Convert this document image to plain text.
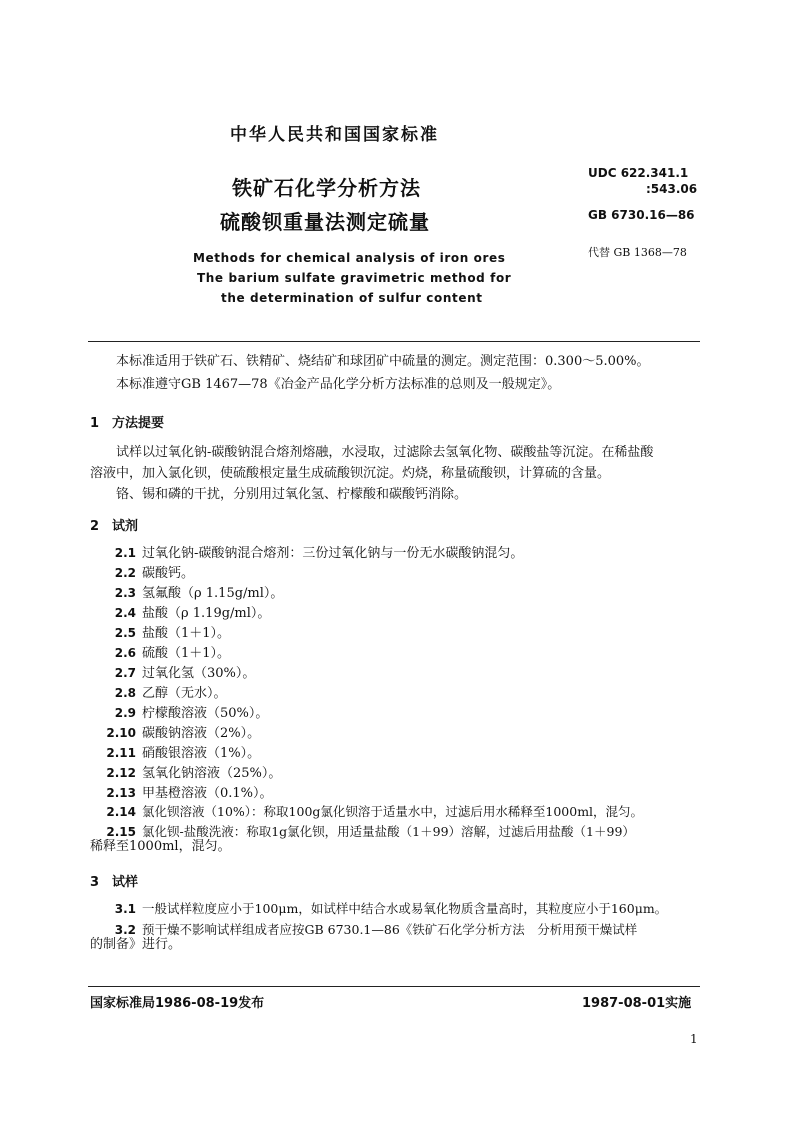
中华人民共和国国家标准
铁矿石化学分析方法
硫酸钡重量法测定硫量
UDC 622.341.1
:543.06
GB 6730.16—86
代替 GB 1368—78
Methods for chemical analysis of iron ores
The barium sulfate gravimetric method for
the determination of sulfur content
本标准适用于铁矿石、铁精矿、烧结矿和球团矿中硫量的测定。测定范围：0.300～5.00%。
本标准遵守GB 1467—78《冶金产品化学分析方法标准的总则及一般规定》。
1 方法提要
试样以过氧化钠-碳酸钠混合熔剂熔融，水浸取，过滤除去氢氧化物、碳酸盐等沉淀。在稀盐酸
溶液中，加入氯化钡，使硫酸根定量生成硫酸钡沉淀。灼烧，称量硫酸钡，计算硫的含量。
铬、锡和磷的干扰，分别用过氧化氢、柠檬酸和碳酸钙消除。
2 试剂
2.1 过氧化钠-碳酸钠混合熔剂：三份过氧化钠与一份无水碳酸钠混匀。
2.2 碳酸钙。
2.3 氢氟酸（ρ 1.15g/ml）。
2.4 盐酸（ρ 1.19g/ml）。
2.5 盐酸（1＋1）。
2.6 硫酸（1＋1）。
2.7 过氧化氢（30%）。
2.8 乙醇（无水）。
2.9 柠檬酸溶液（50%）。
2.10 碳酸钠溶液（2%）。
2.11 硝酸银溶液（1%）。
2.12 氢氧化钠溶液（25%）。
2.13 甲基橙溶液（0.1%）。
2.14 氯化钡溶液（10%）：称取100g氯化钡溶于适量水中，过滤后用水稀释至1000ml，混匀。
2.15 氯化钡-盐酸洗液：称取1g氯化钡，用适量盐酸（1＋99）溶解，过滤后用盐酸（1＋99）
稀释至1000ml，混匀。
3 试样
3.1 一般试样粒度应小于100μm，如试样中结合水或易氧化物质含量高时，其粒度应小于160μm。
3.2 预干燥不影响试样组成者应按GB 6730.1—86《铁矿石化学分析方法　分析用预干燥试样
的制备》进行。
国家标准局1986-08-19发布	1987-08-01实施
1
